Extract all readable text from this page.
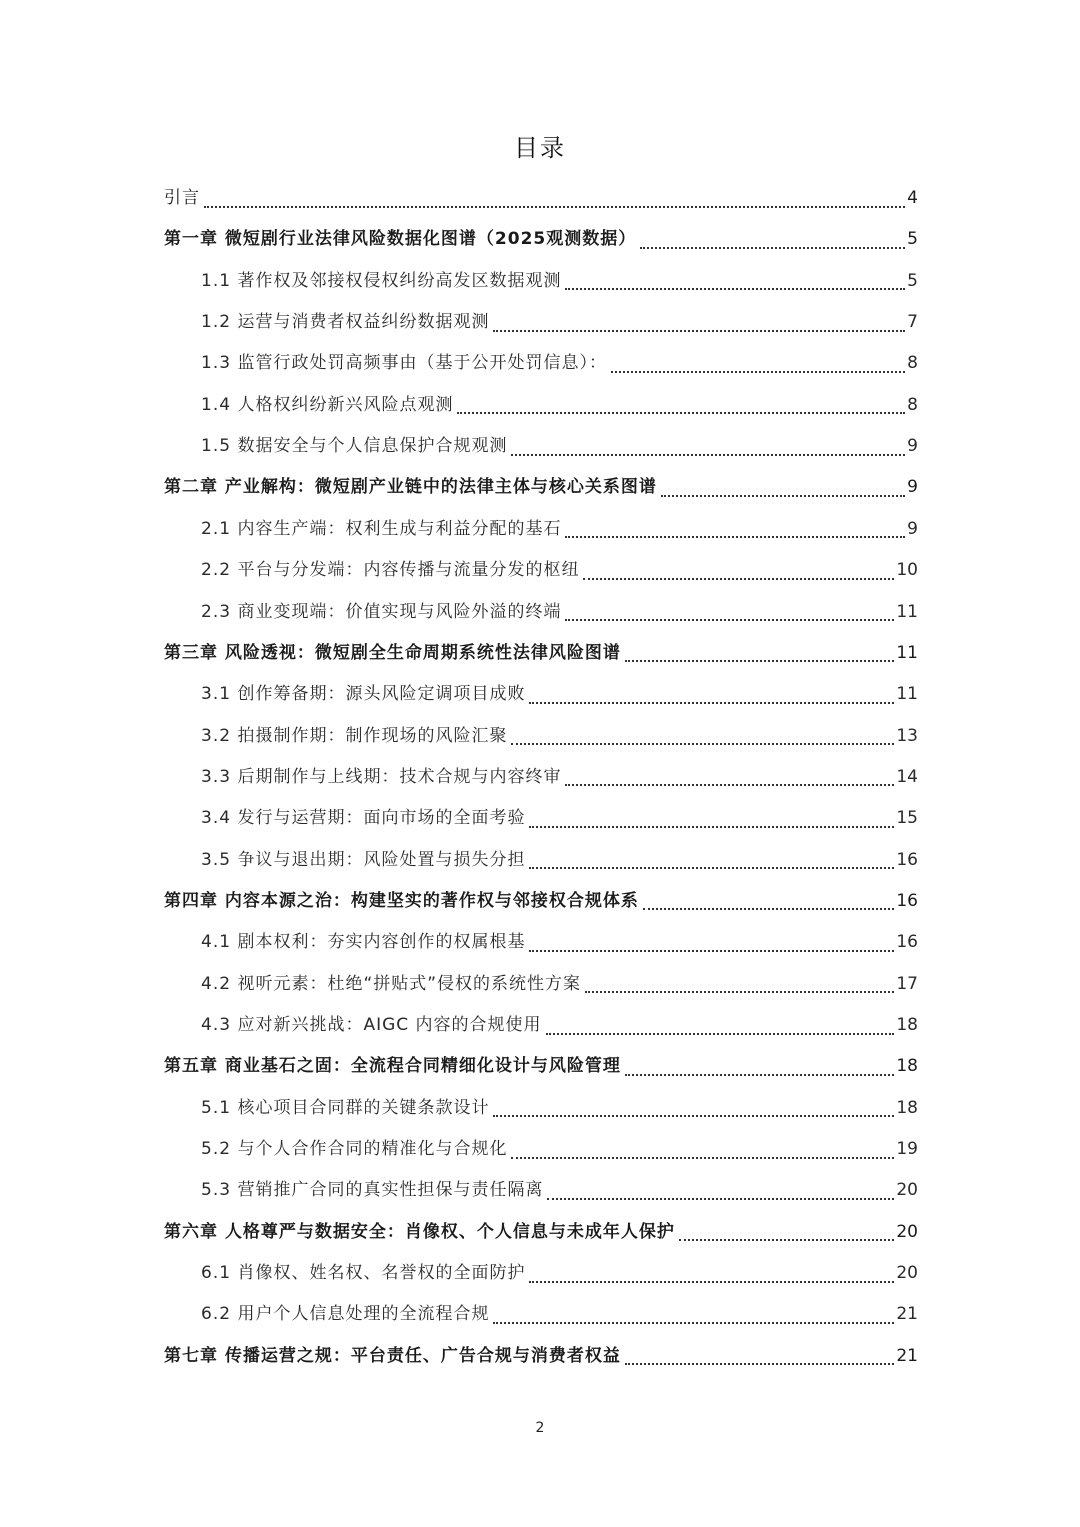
目录
引言	4
第一章 微短剧行业法律风险数据化图谱（2025观测数据）	5
1.1 著作权及邻接权侵权纠纷高发区数据观测	5
1.2 运营与消费者权益纠纷数据观测	7
1.3 监管行政处罚高频事由（基于公开处罚信息）：	8
1.4 人格权纠纷新兴风险点观测	8
1.5 数据安全与个人信息保护合规观测	9
第二章 产业解构：微短剧产业链中的法律主体与核心关系图谱	9
2.1 内容生产端：权利生成与利益分配的基石	9
2.2 平台与分发端：内容传播与流量分发的枢纽	10
2.3 商业变现端：价值实现与风险外溢的终端	11
第三章 风险透视：微短剧全生命周期系统性法律风险图谱	11
3.1 创作筹备期：源头风险定调项目成败	11
3.2 拍摄制作期：制作现场的风险汇聚	13
3.3 后期制作与上线期：技术合规与内容终审	14
3.4 发行与运营期：面向市场的全面考验	15
3.5 争议与退出期：风险处置与损失分担	16
第四章 内容本源之治：构建坚实的著作权与邻接权合规体系	16
4.1 剧本权利：夯实内容创作的权属根基	16
4.2 视听元素：杜绝“拼贴式”侵权的系统性方案	17
4.3 应对新兴挑战：AIGC 内容的合规使用	18
第五章 商业基石之固：全流程合同精细化设计与风险管理	18
5.1 核心项目合同群的关键条款设计	18
5.2 与个人合作合同的精准化与合规化	19
5.3 营销推广合同的真实性担保与责任隔离	20
第六章 人格尊严与数据安全：肖像权、个人信息与未成年人保护	20
6.1 肖像权、姓名权、名誉权的全面防护	20
6.2 用户个人信息处理的全流程合规	21
第七章 传播运营之规：平台责任、广告合规与消费者权益	21
2
